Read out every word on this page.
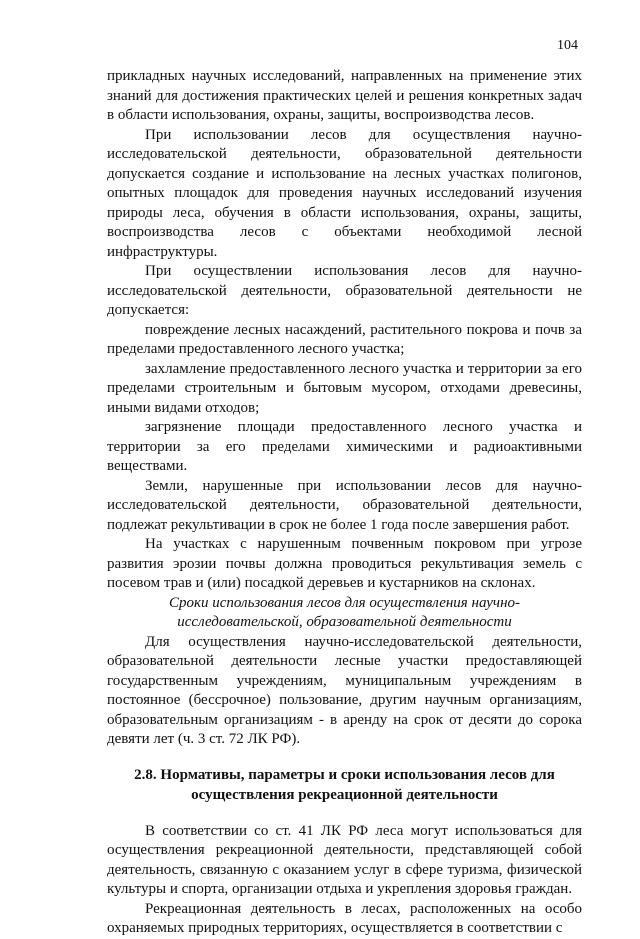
104

прикладных научных исследований, направленных на применение этих знаний для достижения практических целей и решения конкретных задач в области использования, охраны, защиты, воспроизводства лесов.

При использовании лесов для осуществления научно-исследовательской деятельности, образовательной деятельности допускается создание и использование на лесных участках полигонов, опытных площадок для проведения научных исследований изучения природы леса, обучения в области использования, охраны, защиты, воспроизводства лесов с объектами необходимой лесной инфраструктуры.

При осуществлении использования лесов для научно-исследовательской деятельности, образовательной деятельности не допускается:

повреждение лесных насаждений, растительного покрова и почв за пределами предоставленного лесного участка;

захламление предоставленного лесного участка и территории за его пределами строительным и бытовым мусором, отходами древесины, иными видами отходов;

загрязнение площади предоставленного лесного участка и территории за его пределами химическими и радиоактивными веществами.

Земли, нарушенные при использовании лесов для научно-исследовательской деятельности, образовательной деятельности, подлежат рекультивации в срок не более 1 года после завершения работ.

На участках с нарушенным почвенным покровом при угрозе развития эрозии почвы должна проводиться рекультивация земель с посевом трав и (или) посадкой деревьев и кустарников на склонах.

Сроки использования лесов для осуществления научно-исследовательской, образовательной деятельности

Для осуществления научно-исследовательской деятельности, образовательной деятельности лесные участки предоставляющей государственным учреждениям, муниципальным учреждениям в постоянное (бессрочное) пользование, другим научным организациям, образовательным организациям - в аренду на срок от десяти до сорока девяти лет (ч. 3 ст. 72 ЛК РФ).

2.8. Нормативы, параметры и сроки использования лесов для осуществления рекреационной деятельности

В соответствии со ст. 41 ЛК РФ леса могут использоваться для осуществления рекреационной деятельности, представляющей собой деятельность, связанную с оказанием услуг в сфере туризма, физической культуры и спорта, организации отдыха и укрепления здоровья граждан.

Рекреационная деятельность в лесах, расположенных на особо охраняемых природных территориях, осуществляется в соответствии с
